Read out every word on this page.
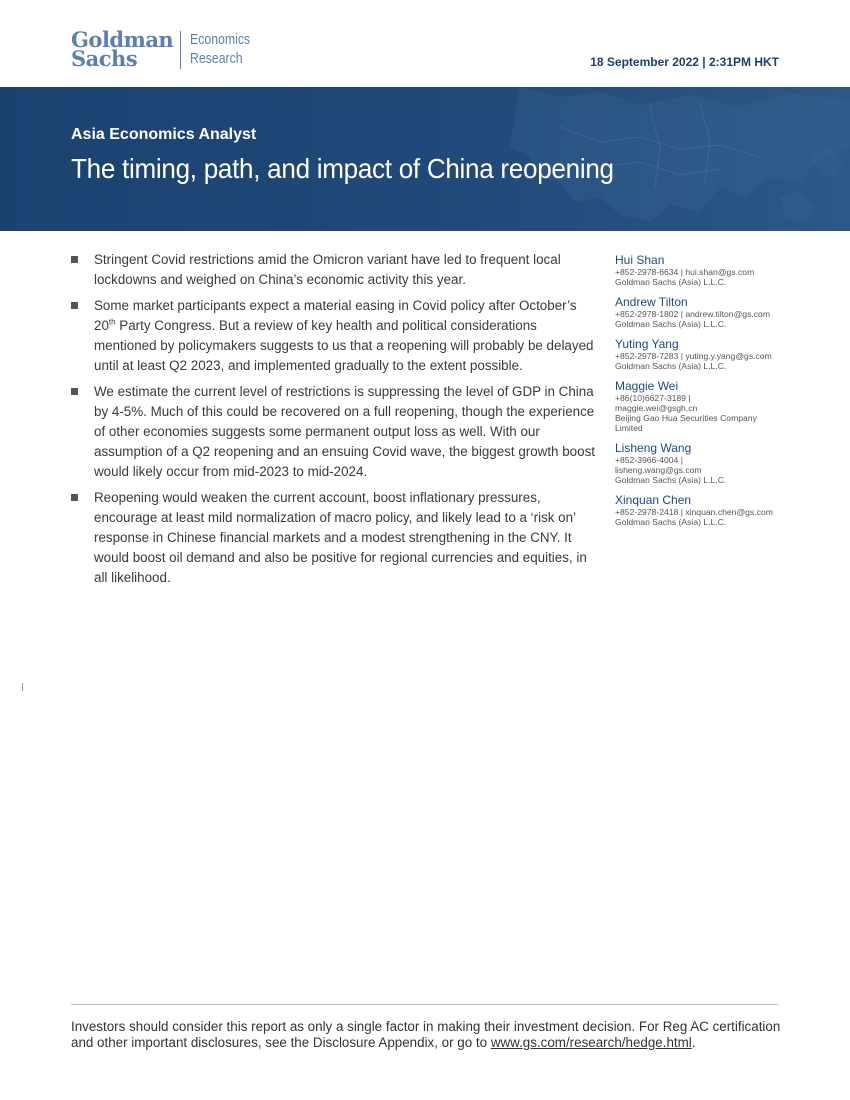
Goldman
Sachs
Economics
Research	18 September 2022 | 2:31PM HKT
Asia Economics Analyst
The timing, path, and impact of China reopening
Stringent Covid restrictions amid the Omicron variant have led to frequent local lockdowns and weighed on China’s economic activity this year.
Some market participants expect a material easing in Covid policy after October’s 20th Party Congress. But a review of key health and political considerations mentioned by policymakers suggests to us that a reopening will probably be delayed until at least Q2 2023, and implemented gradually to the extent possible.
We estimate the current level of restrictions is suppressing the level of GDP in China by 4-5%. Much of this could be recovered on a full reopening, though the experience of other economies suggests some permanent output loss as well. With our assumption of a Q2 reopening and an ensuing Covid wave, the biggest growth boost would likely occur from mid-2023 to mid-2024.
Reopening would weaken the current account, boost inflationary pressures, encourage at least mild normalization of macro policy, and likely lead to a ‘risk on’ response in Chinese financial markets and a modest strengthening in the CNY. It would boost oil demand and also be positive for regional currencies and equities, in all likelihood.
Hui Shan
+852-2978-6634 | hui.shan@gs.com
Goldman Sachs (Asia) L.L.C.
Andrew Tilton
+852-2978-1802 | andrew.tilton@gs.com
Goldman Sachs (Asia) L.L.C.
Yuting Yang
+852-2978-7283 | yuting.y.yang@gs.com
Goldman Sachs (Asia) L.L.C.
Maggie Wei
+86(10)6627-3189 |
maggie.wei@gsgh.cn
Beijing Gao Hua Securities Company
Limited
Lisheng Wang
+852-3966-4004 |
lisheng.wang@gs.com
Goldman Sachs (Asia) L.L.C.
Xinquan Chen
+852-2978-2418 | xinquan.chen@gs.com
Goldman Sachs (Asia) L.L.C.
Investors should consider this report as only a single factor in making their investment decision. For Reg AC certification and other important disclosures, see the Disclosure Appendix, or go to www.gs.com/research/hedge.html.
